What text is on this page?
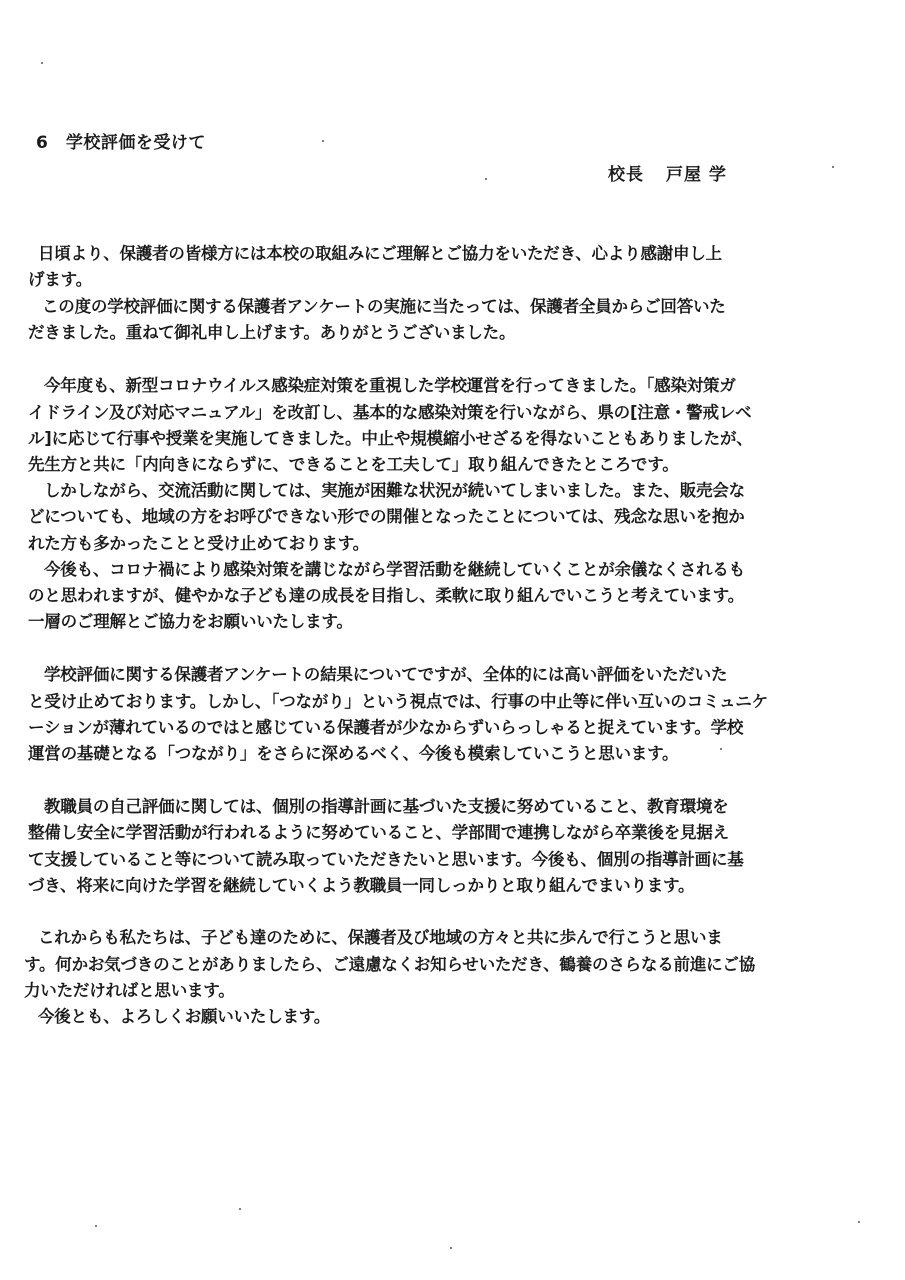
6　学校評価を受けて
校長 戸屋 学
日頃より、保護者の皆様方には本校の取組みにご理解とご協力をいただき、心より感謝申し上
げます。
この度の学校評価に関する保護者アンケートの実施に当たっては、保護者全員からご回答いた
だきました。重ねて御礼申し上げます。ありがとうございました。
今年度も、新型コロナウイルス感染症対策を重視した学校運営を行ってきました。「感染対策ガ
イドライン及び対応マニュアル」を改訂し、基本的な感染対策を行いながら、県の[注意・警戒レベ
ル]に応じて行事や授業を実施してきました。中止や規模縮小せざるを得ないこともありましたが、
先生方と共に「内向きにならずに、できることを工夫して」取り組んできたところです。
しかしながら、交流活動に関しては、実施が困難な状況が続いてしまいました。また、販売会な
どについても、地域の方をお呼びできない形での開催となったことについては、残念な思いを抱か
れた方も多かったことと受け止めております。
今後も、コロナ禍により感染対策を講じながら学習活動を継続していくことが余儀なくされるも
のと思われますが、健やかな子ども達の成長を目指し、柔軟に取り組んでいこうと考えています。
一層のご理解とご協力をお願いいたします。
学校評価に関する保護者アンケートの結果についてですが、全体的には高い評価をいただいた
と受け止めております。しかし、「つながり」という視点では、行事の中止等に伴い互いのコミュニケ
ーションが薄れているのではと感じている保護者が少なからずいらっしゃると捉えています。学校
運営の基礎となる「つながり」をさらに深めるべく、今後も模索していこうと思います。
教職員の自己評価に関しては、個別の指導計画に基づいた支援に努めていること、教育環境を
整備し安全に学習活動が行われるように努めていること、学部間で連携しながら卒業後を見据え
て支援していること等について読み取っていただきたいと思います。今後も、個別の指導計画に基
づき、将来に向けた学習を継続していくよう教職員一同しっかりと取り組んでまいります。
これからも私たちは、子ども達のために、保護者及び地域の方々と共に歩んで行こうと思いま
す。何かお気づきのことがありましたら、ご遠慮なくお知らせいただき、鶴養のさらなる前進にご協
力いただければと思います。
今後とも、よろしくお願いいたします。
